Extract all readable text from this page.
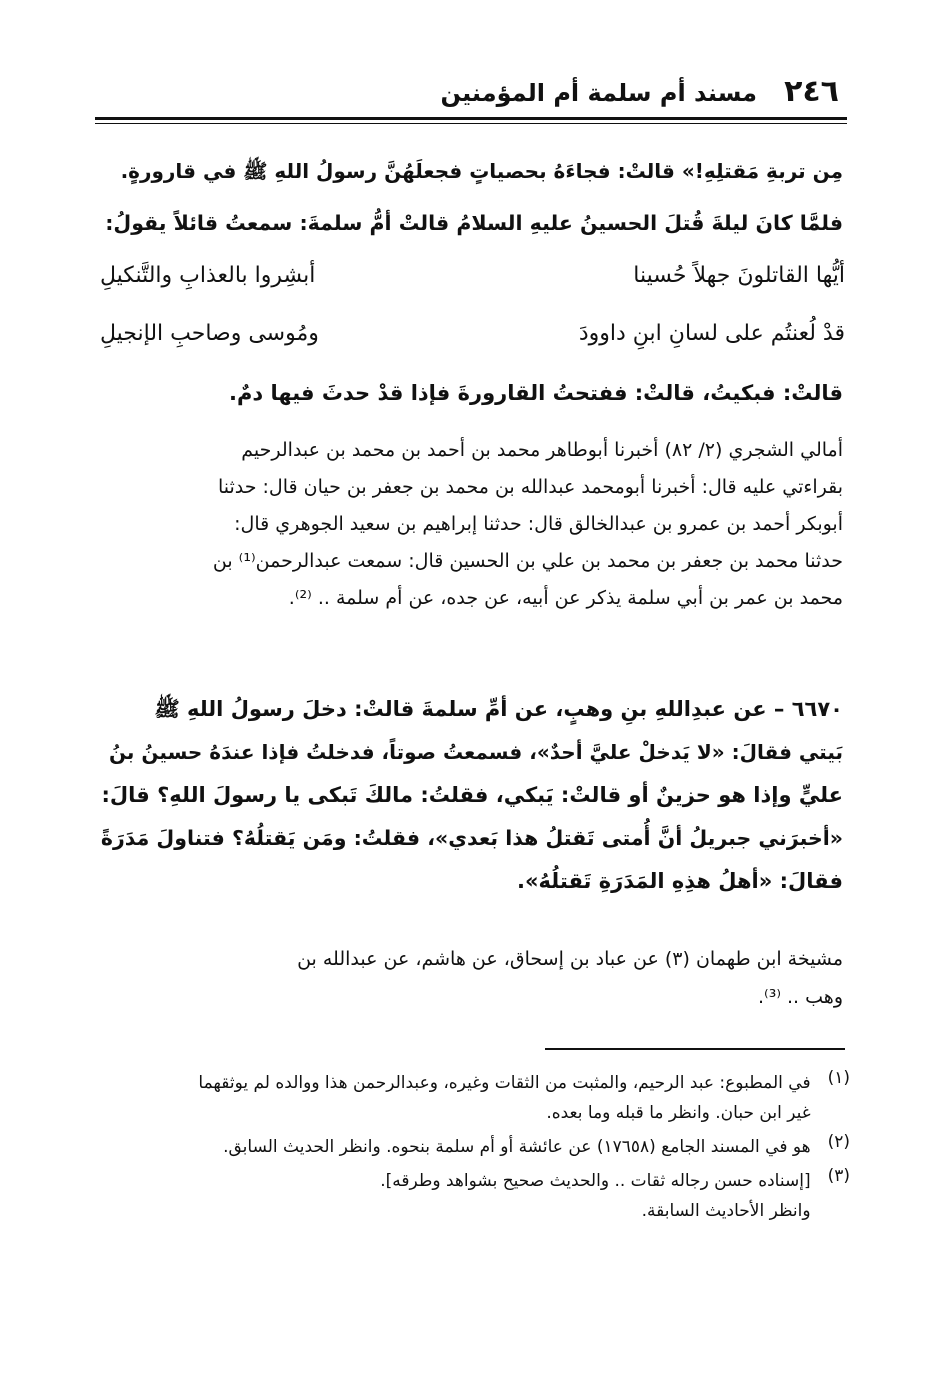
٢٤٦
مسند أم سلمة أم المؤمنين
مِن تربةِ مَقتلِهِ!» قالتْ: فجاءَهُ بحصياتٍ فجعلَهُنَّ رسولُ اللهِ ﷺ في قارورةٍ.
فلمَّا كانَ ليلةَ قُتلَ الحسينُ عليهِ السلامُ قالتْ أمُّ سلمةَ: سمعتُ قائلاً يقولُ:
أيُّها القاتلونَ جهلاً حُسينا
أبشِروا بالعذابِ والتَّنكيلِ
قدْ لُعنتُم على لسانِ ابنِ داوودَ
ومُوسى وصاحبِ الإنجيلِ
قالتْ: فبكيتُ، قالتْ: ففتحتُ القارورةَ فإذا قدْ حدثَ فيها دمٌ.
أمالي الشجري (٢/ ٨٢) أخبرنا أبوطاهر محمد بن أحمد بن محمد بن عبدالرحيم
بقراءتي عليه قال: أخبرنا أبومحمد عبدالله بن محمد بن جعفر بن حيان قال: حدثنا
أبوبكر أحمد بن عمرو بن عبدالخالق قال: حدثنا إبراهيم بن سعيد الجوهري قال:
حدثنا محمد بن جعفر بن محمد بن علي بن الحسين قال: سمعت عبدالرحمن⁽¹⁾ بن
محمد بن عمر بن أبي سلمة يذكر عن أبيه، عن جده، عن أم سلمة .. ⁽²⁾.
٦٦٧٠ – عن عبدِاللهِ بنِ وهبٍ، عن أمِّ سلمةَ قالتْ: دخلَ رسولُ اللهِ ﷺ
بَيتي فقالَ: «لا يَدخلْ عليَّ أحدٌ»، فسمعتُ صوتاً، فدخلتُ فإذا عندَهُ حسينُ بنُ
عليٍّ وإذا هو حزينٌ أو قالتْ: يَبكي، فقلتُ: مالكَ تَبكى يا رسولَ اللهِ؟ قالَ:
«أخبرَني جبريلُ أنَّ أُمتى تَقتلُ هذا بَعدي»، فقلتُ: ومَن يَقتلُهُ؟ فتناولَ مَدَرَةً
فقالَ: «أهلُ هذِهِ المَدَرَةِ تَقتلُهُ».
مشيخة ابن طهمان (٣) عن عباد بن إسحاق، عن هاشم، عن عبدالله بن
وهب .. ⁽³⁾.
(١)
في المطبوع: عبد الرحيم، والمثبت من الثقات وغيره، وعبدالرحمن هذا ووالده لم يوثقهما
غير ابن حبان. وانظر ما قبله وما بعده.
(٢)
هو في المسند الجامع (١٧٦٥٨) عن عائشة أو أم سلمة بنحوه. وانظر الحديث السابق.
(٣)
[إسناده حسن رجاله ثقات .. والحديث صحيح بشواهد وطرقه].
وانظر الأحاديث السابقة.
